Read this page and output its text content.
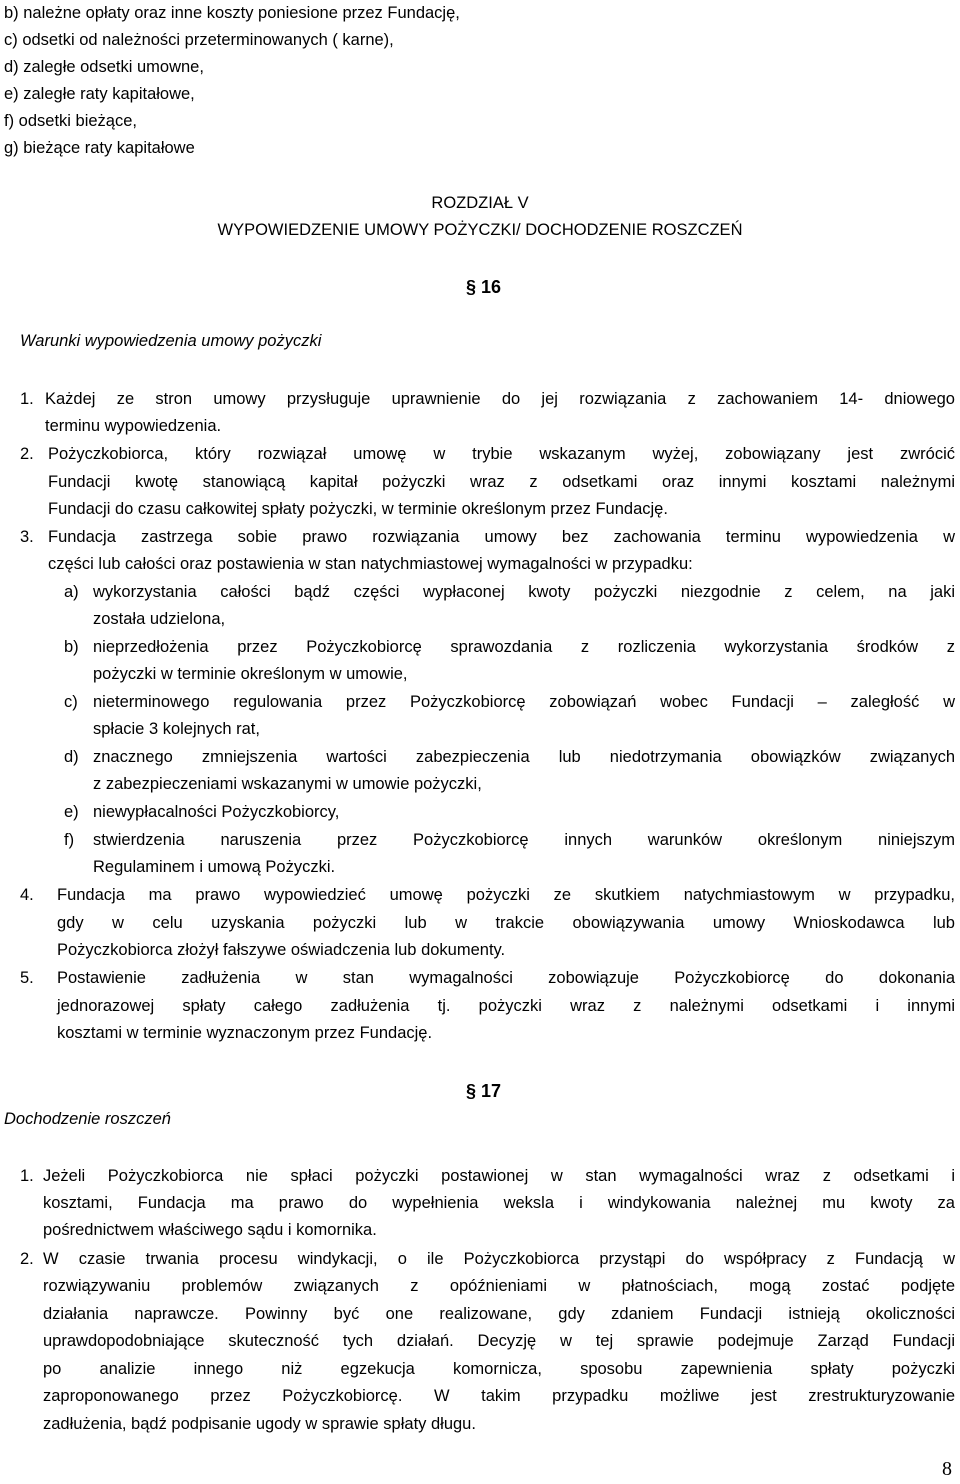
b) należne opłaty oraz inne koszty poniesione przez Fundację,
c) odsetki od należności przeterminowanych ( karne),
d) zaległe odsetki umowne,
e) zaległe raty kapitałowe,
f) odsetki bieżące,
g) bieżące raty kapitałowe
ROZDZIAŁ V
WYPOWIEDZENIE UMOWY POŻYCZKI/ DOCHODZENIE ROSZCZEŃ
§ 16
Warunki wypowiedzenia umowy pożyczki
1. Każdej ze stron umowy przysługuje uprawnienie do jej rozwiązania z zachowaniem 14- dniowego
terminu wypowiedzenia.
2. Pożyczkobiorca, który rozwiązał umowę w trybie wskazanym wyżej, zobowiązany jest zwrócić
Fundacji kwotę stanowiącą kapitał pożyczki wraz z odsetkami oraz innymi kosztami należnymi
Fundacji do czasu całkowitej spłaty pożyczki, w terminie określonym przez Fundację.
3. Fundacja zastrzega sobie prawo rozwiązania umowy bez zachowania terminu wypowiedzenia w
części lub całości oraz postawienia w stan natychmiastowej wymagalności w przypadku:
a) wykorzystania całości bądź części wypłaconej kwoty pożyczki niezgodnie z celem, na jaki
została udzielona,
b) nieprzedłożenia przez Pożyczkobiorcę sprawozdania z rozliczenia wykorzystania środków z
pożyczki w terminie określonym w umowie,
c) nieterminowego regulowania przez Pożyczkobiorcę zobowiązań wobec Fundacji – zaległość w
spłacie 3 kolejnych rat,
d) znacznego zmniejszenia wartości zabezpieczenia lub niedotrzymania obowiązków związanych
z zabezpieczeniami wskazanymi w umowie pożyczki,
e) niewypłacalności Pożyczkobiorcy,
f) stwierdzenia naruszenia przez Pożyczkobiorcę innych warunków określonym niniejszym
Regulaminem i umową Pożyczki.
4. Fundacja ma prawo wypowiedzieć umowę pożyczki ze skutkiem natychmiastowym w przypadku,
gdy w celu uzyskania pożyczki lub w trakcie obowiązywania umowy Wnioskodawca lub
Pożyczkobiorca złożył fałszywe oświadczenia lub dokumenty.
5. Postawienie zadłużenia w stan wymagalności zobowiązuje Pożyczkobiorcę do dokonania
jednorazowej spłaty całego zadłużenia tj. pożyczki wraz z należnymi odsetkami i innymi
kosztami w terminie wyznaczonym przez Fundację.
§ 17
Dochodzenie roszczeń
1. Jeżeli Pożyczkobiorca nie spłaci pożyczki postawionej w stan wymagalności wraz z odsetkami i
kosztami, Fundacja ma prawo do wypełnienia weksla i windykowania należnej mu kwoty za
pośrednictwem właściwego sądu i komornika.
2. W czasie trwania procesu windykacji, o ile Pożyczkobiorca przystąpi do współpracy z Fundacją w
rozwiązywaniu problemów związanych z opóźnieniami w płatnościach, mogą zostać podjęte
działania naprawcze. Powinny być one realizowane, gdy zdaniem Fundacji istnieją okoliczności
uprawdopodobniające skuteczność tych działań. Decyzję w tej sprawie podejmuje Zarząd Fundacji
po analizie innego niż egzekucja komornicza, sposobu zapewnienia spłaty pożyczki
zaproponowanego przez Pożyczkobiorcę. W takim przypadku możliwe jest zrestrukturyzowanie
zadłużenia, bądź podpisanie ugody w sprawie spłaty długu.
8
